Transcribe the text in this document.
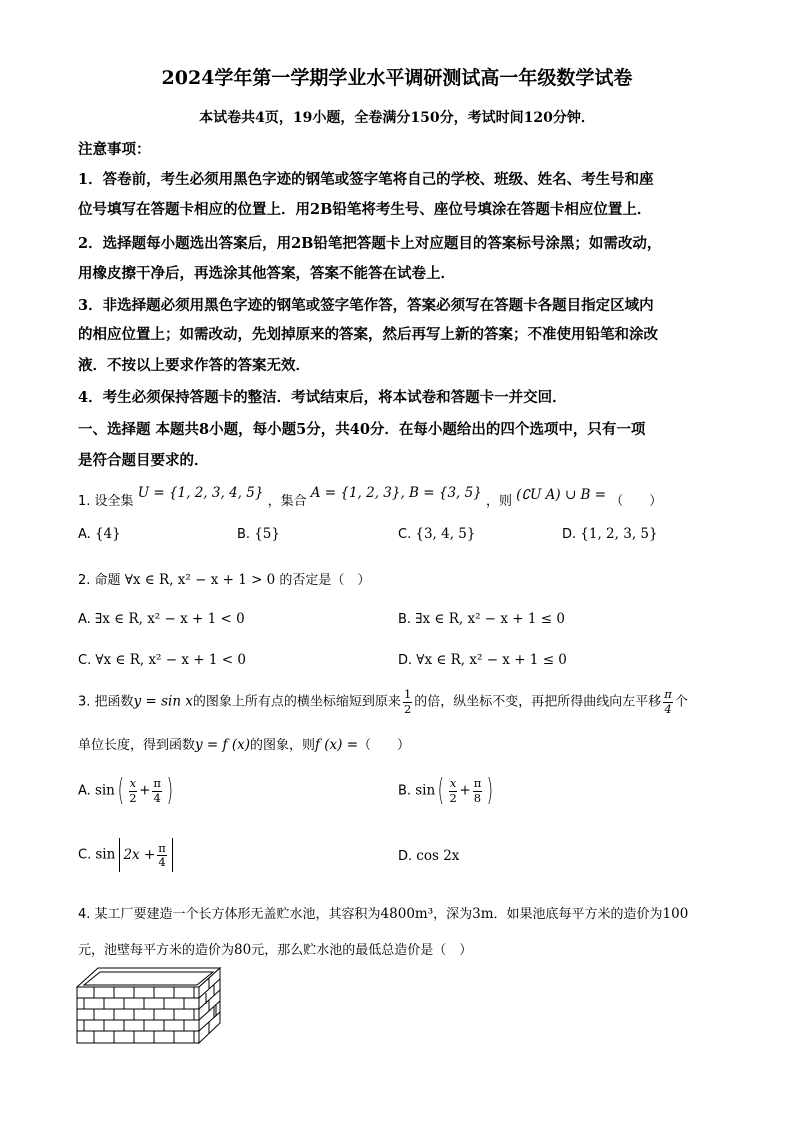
2024学年第一学期学业水平调研测试高一年级数学试卷
本试卷共4页，19小题，全卷满分150分，考试时间120分钟．
注意事项：
1．答卷前，考生必须用黑色字迹的钢笔或签字笔将自己的学校、班级、姓名、考生号和座
位号填写在答题卡相应的位置上．用2B铅笔将考生号、座位号填涂在答题卡相应位置上．
2．选择题每小题选出答案后，用2B铅笔把答题卡上对应题目的答案标号涂黑；如需改动，
用橡皮擦干净后，再选涂其他答案，答案不能答在试卷上．
3．非选择题必须用黑色字迹的钢笔或签字笔作答，答案必须写在答题卡各题目指定区域内
的相应位置上；如需改动，先划掉原来的答案，然后再写上新的答案；不准使用铅笔和涂改
液．不按以上要求作答的答案无效．
4．考生必须保持答题卡的整洁．考试结束后，将本试卷和答题卡一并交回．
一、选择题 本题共8小题，每小题5分，共40分．在每小题给出的四个选项中，只有一项
是符合题目要求的．
1. 设全集 U = {1, 2, 3, 4, 5} ，集合 A = {1, 2, 3}, B = {3, 5} ，则 (∁U A) ∪ B = （　　）
A. {4}	B. {5}	C. {3, 4, 5}	D. {1, 2, 3, 5}
2. 命题 ∀x ∈ R, x² − x + 1 > 0 的否定是（　）
A. ∃x ∈ R, x² − x + 1 < 0	B. ∃x ∈ R, x² − x + 1 ≤ 0
C. ∀x ∈ R, x² − x + 1 < 0	D. ∀x ∈ R, x² − x + 1 ≤ 0
3. 把函数y = sin x的图象上所有点的横坐标缩短到原来 $\frac{1}{2}$ 的倍，纵坐标不变，再把所得曲线向左平移 $\frac{\pi}{4}$ 个
单位长度，得到函数y = f (x)的图象，则f (x) =（　　）
A. $\sin( \frac{x}{2} + \frac{\pi}{4}$ )	B. $\sin( \frac{x}{2} + \frac{\pi}{8}$ )
C. $\sin 2x + \frac{\pi}{4}$	D. cos 2x
4. 某工厂要建造一个长方体形无盖贮水池，其容积为4800m³，深为3m．如果池底每平方米的造价为100
元，池壁每平方米的造价为80元，那么贮水池的最低总造价是（　）
